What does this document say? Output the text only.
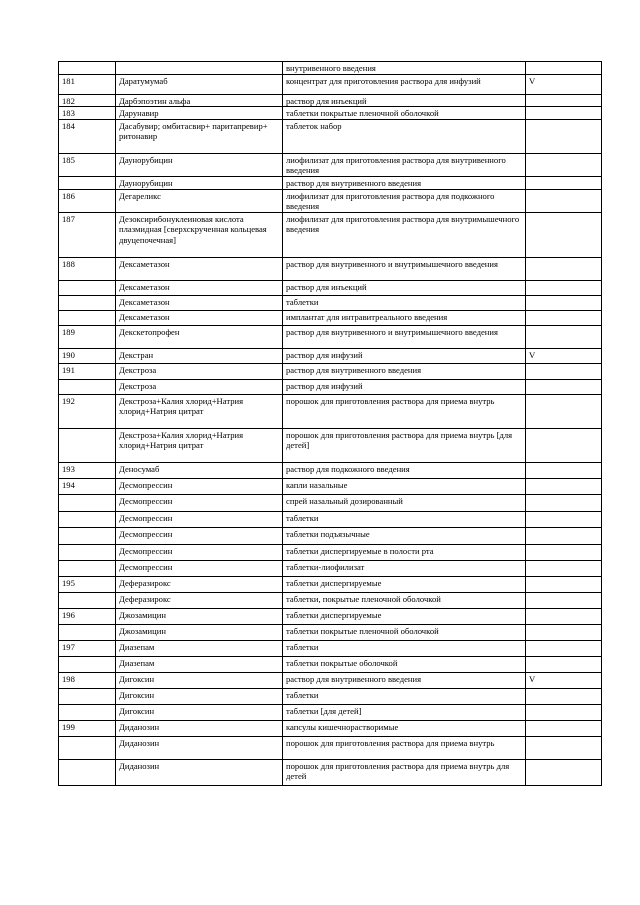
		внутривенного введения	
181	Даратумумаб	концентрат для приготовления раствора для инфузий	V
182	Дарбэпоэтин альфа	раствор для инъекций	
183	Дарунавир	таблетки покрытые пленочной оболочкой	
184	Дасабувир; омбитасвир+ паритапревир+ ритонавир	таблеток набор	
185	Даунорубицин	лиофилизат для приготовления раствора для внутривенного введения	
	Даунорубицин	раствор для внутривенного введения	
186	Дегареликс	лиофилизат для приготовления раствора для подкожного введения	
187	Дезоксирибонуклеиновая кислота плазмидная [сверхскрученная кольцевая двуцепочечная]	лиофилизат для приготовления раствора для внутримышечного введения	
188	Дексаметазон	раствор для внутривенного и внутримышечного введения	
	Дексаметазон	раствор для инъекций	
	Дексаметазон	таблетки	
	Дексаметазон	имплантат для интравитреального введения	
189	Декскетопрофен	раствор для внутривенного и внутримышечного введения	
190	Декстран	раствор для инфузий	V
191	Декстроза	раствор для внутривенного введения	
	Декстроза	раствор для инфузий	
192	Декстроза+Калия хлорид+Натрия хлорид+Натрия цитрат	порошок для приготовления раствора для приема внутрь	
	Декстроза+Калия хлорид+Натрия хлорид+Натрия цитрат	порошок для приготовления раствора для приема внутрь [для детей]	
193	Деносумаб	раствор для подкожного введения	
194	Десмопрессин	капли назальные	
	Десмопрессин	спрей назальный дозированный	
	Десмопрессин	таблетки	
	Десмопрессин	таблетки подъязычные	
	Десмопрессин	таблетки диспергируемые в полости рта	
	Десмопрессин	таблетки-лиофилизат	
195	Деферазирокс	таблетки диспергируемые	
	Деферазирокс	таблетки, покрытые пленочной оболочкой	
196	Джозамицин	таблетки диспергируемые	
	Джозамицин	таблетки покрытые пленочной оболочкой	
197	Диазепам	таблетки	
	Диазепам	таблетки покрытые оболочкой	
198	Дигоксин	раствор для внутривенного введения	V
	Дигоксин	таблетки	
	Дигоксин	таблетки [для детей]	
199	Диданозин	капсулы кишечнорастворимые	
	Диданозин	порошок для приготовления раствора для приема внутрь	
	Диданозин	порошок для приготовления раствора для приема внутрь для детей	
